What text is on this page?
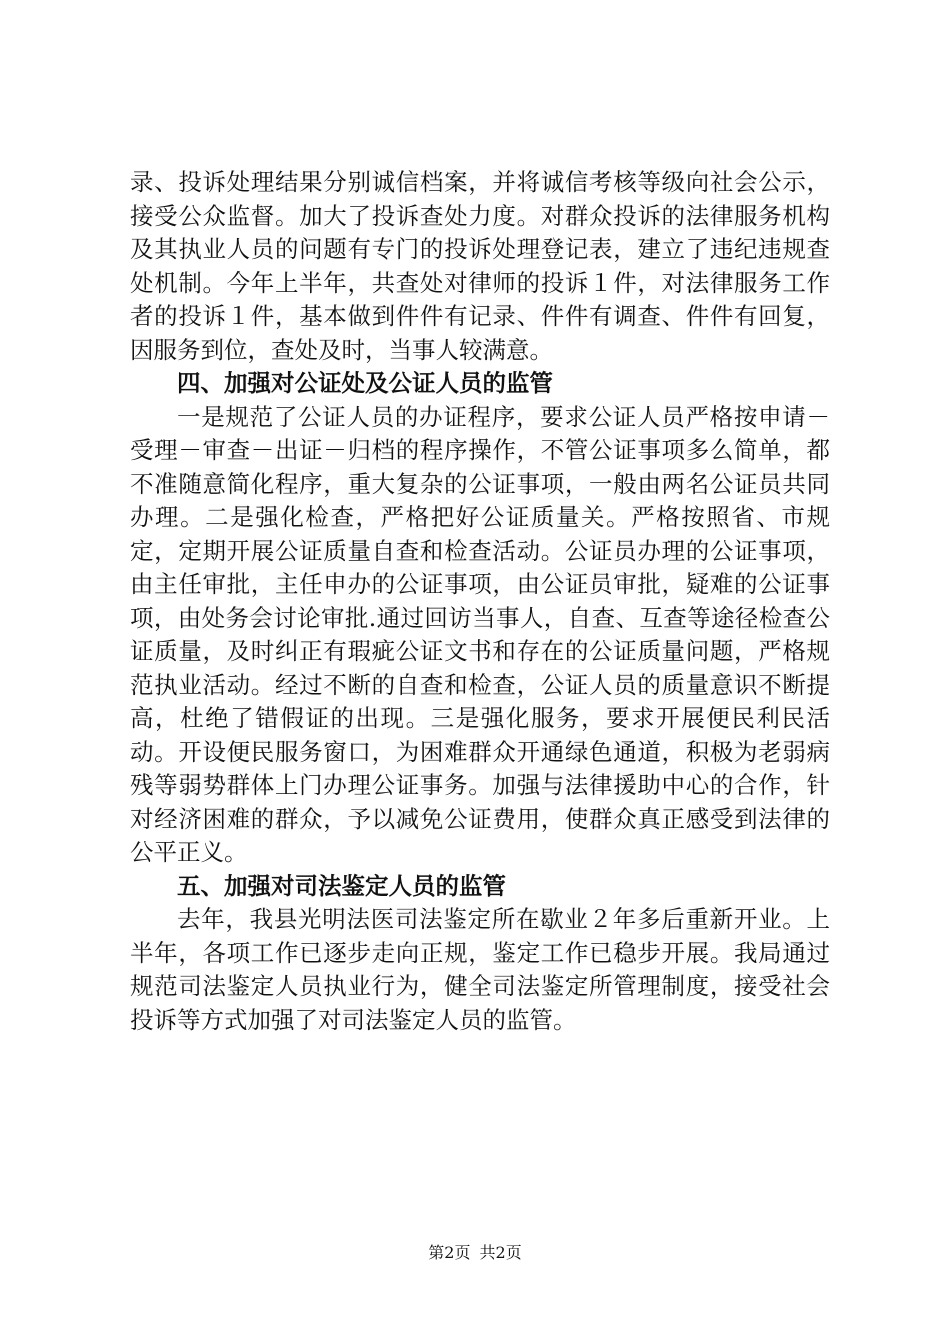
录、投诉处理结果分别诚信档案，并将诚信考核等级向社会公示，接受公众监督。加大了投诉查处力度。对群众投诉的法律服务机构及其执业人员的问题有专门的投诉处理登记表，建立了违纪违规查处机制。今年上半年，共查处对律师的投诉１件，对法律服务工作者的投诉１件，基本做到件件有记录、件件有调查、件件有回复，因服务到位，查处及时，当事人较满意。

四、加强对公证处及公证人员的监管

一是规范了公证人员的办证程序，要求公证人员严格按申请－受理－审查－出证－归档的程序操作，不管公证事项多么简单，都不准随意简化程序，重大复杂的公证事项，一般由两名公证员共同办理。二是强化检查，严格把好公证质量关。严格按照省、市规定，定期开展公证质量自查和检查活动。公证员办理的公证事项，由主任审批，主任申办的公证事项，由公证员审批，疑难的公证事项，由处务会讨论审批.通过回访当事人，自查、互查等途径检查公证质量，及时纠正有瑕疵公证文书和存在的公证质量问题，严格规范执业活动。经过不断的自查和检查，公证人员的质量意识不断提高，杜绝了错假证的出现。三是强化服务，要求开展便民利民活动。开设便民服务窗口，为困难群众开通绿色通道，积极为老弱病残等弱势群体上门办理公证事务。加强与法律援助中心的合作，针对经济困难的群众，予以减免公证费用，使群众真正感受到法律的公平正义。

五、加强对司法鉴定人员的监管

去年，我县光明法医司法鉴定所在歇业２年多后重新开业。上半年，各项工作已逐步走向正规，鉴定工作已稳步开展。我局通过规范司法鉴定人员执业行为，健全司法鉴定所管理制度，接受社会投诉等方式加强了对司法鉴定人员的监管。

第2页 共2页
